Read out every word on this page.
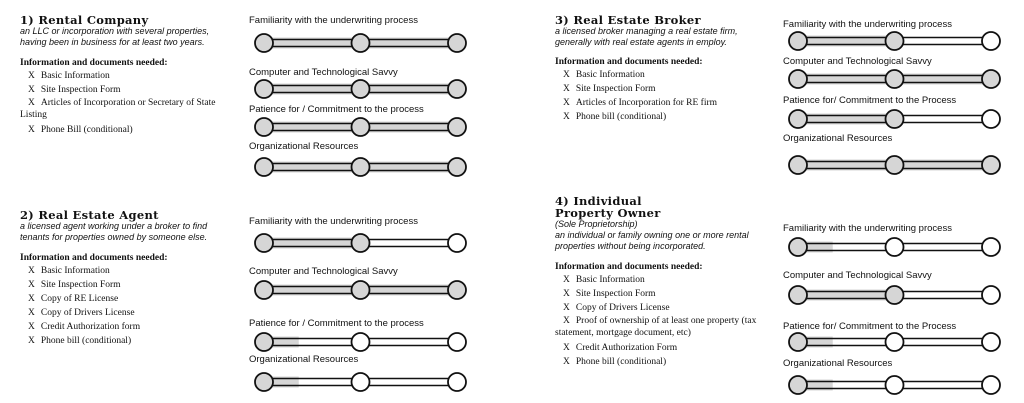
1) Rental Company

an LLC or incorporation with several properties,
having been in business for at least two years.

Information and documents needed:

X Basic Information
X Site Inspection Form
X Articles of Incorporation or Secretary of State Listing
X Phone Bill (conditional)
Familiarity with the underwriting process
Computer and Technological Savvy
Patience for / Commitment to the process
Organizational Resources
2) Real Estate Agent

a licensed agent working under a broker to find
tenants for properties owned by someone else.

Information and documents needed:

X Basic Information
X Site Inspection Form
X Copy of RE License
X Copy of Drivers License
X Credit Authorization form
X Phone bill (conditional)
Familiarity with the underwriting process
Computer and Technological Savvy
Patience for / Commitment to the process
Organizational Resources
3) Real Estate Broker

a licensed broker managing a real estate firm,
generally with real estate agents in employ.

Information and documents needed:

X Basic Information
X Site Inspection Form
X Articles of Incorporation for RE firm
X Phone bill (conditional)
Familiarity with the underwriting process
Computer and Technological Savvy
Patience for/ Commitment to the Process
Organizational Resources
4) Individual Property Owner

(Sole Proprietorship)
an individual or family owning one or more rental
properties without being incorporated.

Information and documents needed:

X Basic Information
X Site Inspection Form
X Copy of Drivers License
X Proof of ownership of at least one property (tax statement, mortgage document, etc)
X Credit Authorization Form
X Phone bill (conditional)
Familiarity with the underwriting process
Computer and Technological Savvy
Patience for/ Commitment to the Process
Organizational Resources
